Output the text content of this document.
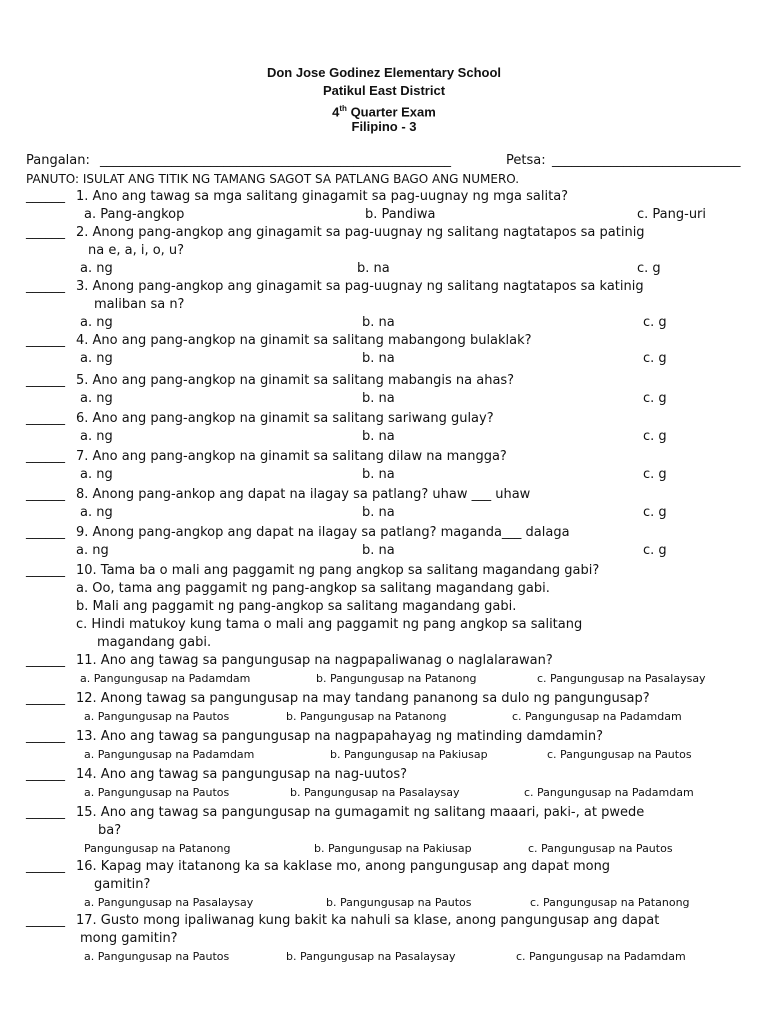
Don Jose Godinez Elementary School
Patikul East District
4th Quarter Exam
Filipino - 3
Pangalan: ______________________________________________________	Petsa: _____________________________
PANUTO: ISULAT ANG TITIK NG TAMANG SAGOT SA PATLANG BAGO ANG NUMERO.
______ 1. Ano ang tawag sa mga salitang ginagamit sa pag-uugnay ng mga salita?
a. Pang-angkop	b. Pandiwa	c. Pang-uri
______ 2. Anong pang-angkop ang ginagamit sa pag-uugnay ng salitang nagtatapos sa patinig
na e, a, i, o, u?
a. ng	b. na	c. g
______ 3. Anong pang-angkop ang ginagamit sa pag-uugnay ng salitang nagtatapos sa katinig
maliban sa n?
a. ng	b. na	c. g
______ 4. Ano ang pang-angkop na ginamit sa salitang mabangong bulaklak?
a. ng	b. na	c. g
______ 5. Ano ang pang-angkop na ginamit sa salitang mabangis na ahas?
a. ng	b. na	c. g
______ 6. Ano ang pang-angkop na ginamit sa salitang sariwang gulay?
a. ng	b. na	c. g
______ 7. Ano ang pang-angkop na ginamit sa salitang dilaw na mangga?
a. ng	b. na	c. g
______ 8. Anong pang-ankop ang dapat na ilagay sa patlang? uhaw ___ uhaw
a. ng	b. na	c. g
______ 9. Anong pang-angkop ang dapat na ilagay sa patlang? maganda___ dalaga
a. ng	b. na	c. g
______ 10. Tama ba o mali ang paggamit ng pang angkop sa salitang magandang gabi?
a. Oo, tama ang paggamit ng pang-angkop sa salitang magandang gabi.
b. Mali ang paggamit ng pang-angkop sa salitang magandang gabi.
c. Hindi matukoy kung tama o mali ang paggamit ng pang angkop sa salitang
magandang gabi.
______ 11. Ano ang tawag sa pangungusap na nagpapaliwanag o naglalarawan?
a. Pangungusap na Padamdam	b. Pangungusap na Patanong	c. Pangungusap na Pasalaysay
______ 12. Anong tawag sa pangungusap na may tandang pananong sa dulo ng pangungusap?
a. Pangungusap na Pautos	b. Pangungusap na Patanong	c. Pangungusap na Padamdam
______ 13. Ano ang tawag sa pangungusap na nagpapahayag ng matinding damdamin?
a. Pangungusap na Padamdam	b. Pangungusap na Pakiusap	c. Pangungusap na Pautos
______ 14. Ano ang tawag sa pangungusap na nag-uutos?
a. Pangungusap na Pautos	b. Pangungusap na Pasalaysay	c. Pangungusap na Padamdam
______ 15. Ano ang tawag sa pangungusap na gumagamit ng salitang maaari, paki-, at pwede
ba?
Pangungusap na Patanong	b. Pangungusap na Pakiusap	c. Pangungusap na Pautos
______ 16. Kapag may itatanong ka sa kaklase mo, anong pangungusap ang dapat mong
gamitin?
a. Pangungusap na Pasalaysay	b. Pangungusap na Pautos	c. Pangungusap na Patanong
______ 17. Gusto mong ipaliwanag kung bakit ka nahuli sa klase, anong pangungusap ang dapat
mong gamitin?
a. Pangungusap na Pautos	b. Pangungusap na Pasalaysay	c. Pangungusap na Padamdam
